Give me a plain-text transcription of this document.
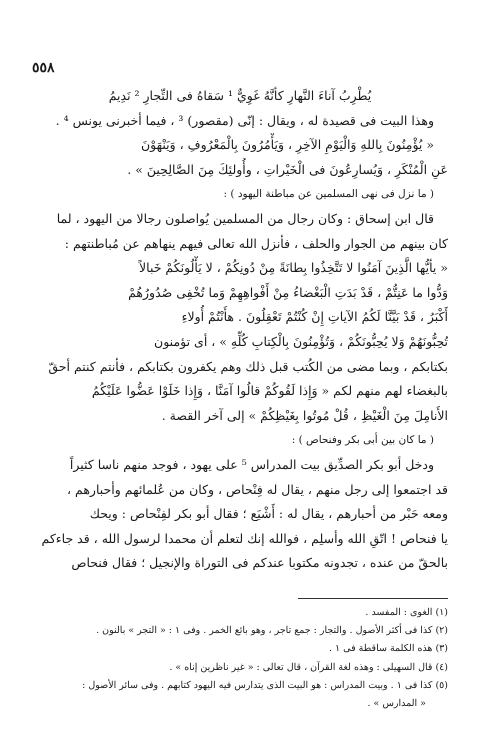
٥٥٨
يُطْرِبُ آناءَ النَّهارِ كأنَّهُ غَوِيٌّ ¹ سَقاهُ فى التِّجارِ ² نَدِيمُ
وهذا البيت فى قصيدة له ، ويقال : إنّى (مقصور) ³ ، فيما أخبرنى يونس ⁴ .
« يُؤْمِنُونَ بِاللهِ وَالْيَوْمِ الآخِرِ ، وَيَأْمُرُونَ بِالْمَعْرُوفِ ، وَيَنْهَوْنَ
عَنِ الْمُنْكَرِ ، وَيُسارِعُونَ فى الْخَيْراتِ ، وأُولئِكَ مِنَ الصَّالِحِينَ » .
( ما نزل فى نهى المسلمين عن مباطنة اليهود ) :
قال ابن إسحاق : وكان رجال من المسلمين يُواصلون رجالا من اليهود ، لما
كان بينهم من الجوار والحلف ، فأنزل الله تعالى فيهم ينهاهم عن مُباطنتهم :
« يأيُّها الَّذِينَ آمَنُوا لا تَتَّخِذُوا بِطانَةً مِنْ دُونِكُمْ ، لا يَأْلُونَكُمْ خَبالاً
وَدُّوا ما عَنِتُّمْ ، قَدْ بَدَتِ الْبَغْضاءُ مِنْ أَفْواهِهِمْ وَما تُخْفِى صُدُورُهُمْ
أَكْبَرُ ، قَدْ بَيَّنَّا لَكُمُ الآياتِ إِنْ كُنْتُمْ تَعْقِلُونَ . هأَنْتُمْ أُولاءِ
تُحِبُّونَهُمْ وَلا يُحِبُّونَكُمْ ، وَتُؤْمِنُونَ بِالْكِتابِ كُلِّهِ » ، أى تؤمنون
بكتابكم ، وبما مضى من الكُتب قبل ذلك وهم يكفرون بكتابكم ، فأنتم كنتم أحقّ
بالبغضاء لهم منهم لكم « وَإِذا لَقُوكُمْ قالُوا آمَنَّا ، وَإِذا خَلَوْا عَضُّوا عَلَيْكُمُ
الأَنامِلَ مِنَ الْغَيْظِ ، قُلْ مُوتُوا بِغَيْظِكُمْ » إلى آخر القصة .
( ما كان بين أبى بكر وفنحاص ) :
ودخل أبو بكر الصدِّيق بيت المدراس ⁵ على يهود ، فوجد منهم ناسا كثيراً
قد اجتمعوا إلى رجل منهم ، يقال له فِنْحاص ، وكان من عُلمائهم وأحبارهم ،
ومعه حَبْر من أحبارهم ، يقال له : أَشْيَع ؛ فقال أبو بكر لفِنْحاص : ويحك
يا فنحاص ! اتّقِ الله وأسلِم ، فوالله إنك لتعلم أن محمدا لرسول الله ، قد جاءكم
بالحقّ من عنده ، تجدونه مكتوبا عندكم فى التوراة والإنجيل ؛ فقال فنحاص
(١) الغوى : المفسد .
(٢) كذا فى أكثر الأصول . والتجار : جمع تاجر ، وهو بائع الخمر . وفى ١ : « التجر » بالنون .
(٣) هذه الكلمة ساقطة فى ١ .
(٤) قال السهيلى : وهذه لغة القرآن ، قال تعالى : « غير ناظرين إناه » .
(٥) كذا فى ١ . وبيت المدراس : هو البيت الذى يتدارس فيه اليهود كتابهم . وفى سائر الأصول :
« المدارس » .
